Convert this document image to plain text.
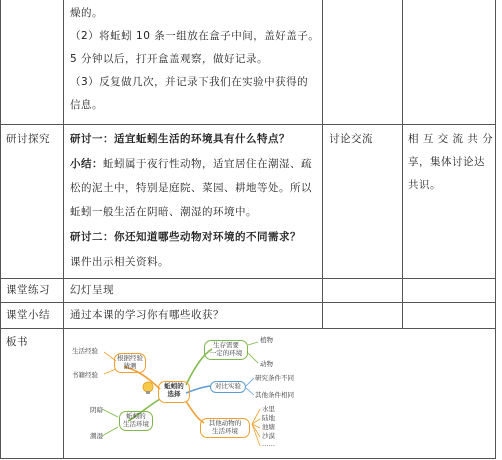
燥的。
（2）将蚯蚓 10 条一组放在盒子中间，盖好盖子。
5 分钟以后，打开盒盖观察，做好记录。
（3）反复做几次，并记录下我们在实验中获得的
信息。
研讨探究 研讨一：适宜蚯蚓生活的环境具有什么特点？
小结：蚯蚓属于夜行性动物，适宜居住在潮湿、疏
松的泥土中，特别是庭院、菜园、耕地等处。所以
蚯蚓一般生活在阴暗、潮湿的环境中。
研讨二：你还知道哪些动物对环境的不同需求？
课件出示相关资料。
讨论交流	相 互 交 流 共 分
享，集体讨论达
共识。
课堂练习 幻灯呈现
课堂小结 通过本课的学习你有哪些收获？
板书
蚯蚓的
选择
根据经验
猜测
生活经验
书籍经验
蚯蚓的
生活环境
阴暗
潮湿
生存需要
一定的环境
植物
动物
对比实验
研究条件不同
其他条件相同
其他动物的
生活环境
水里
陆地
池塘
沙漠
……
